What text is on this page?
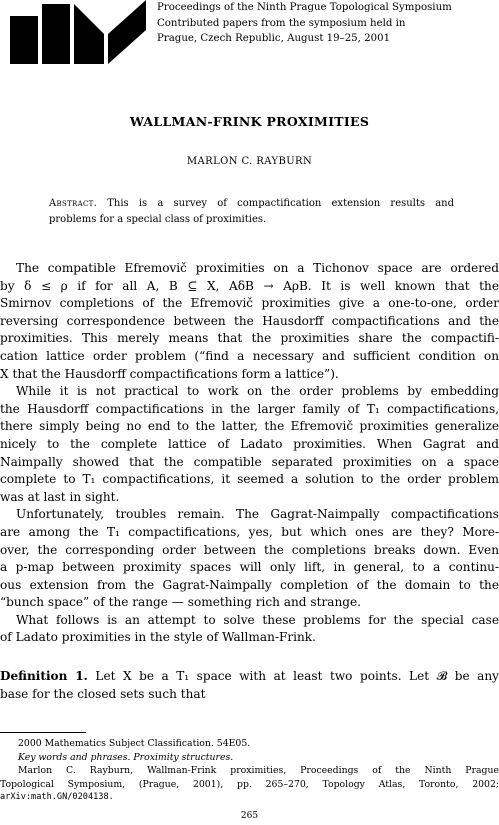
Proceedings of the Ninth Prague Topological Symposium
Contributed papers from the symposium held in
Prague, Czech Republic, August 19–25, 2001
WALLMAN-FRINK PROXIMITIES
MARLON C. RAYBURN
Abstract. This is a survey of compactification extension results and
problems for a special class of proximities.
The compatible Efremovič proximities on a Tichonov space are ordered
by δ ≤ ρ if for all A, B ⊆ X, AδB → AρB. It is well known that the
Smirnov completions of the Efremovič proximities give a one-to-one, order
reversing correspondence between the Hausdorff compactifications and the
proximities. This merely means that the proximities share the compactifi-
cation lattice order problem (“find a necessary and sufficient condition on
X that the Hausdorff compactifications form a lattice”).
While it is not practical to work on the order problems by embedding
the Hausdorff compactifications in the larger family of T₁ compactifications,
there simply being no end to the latter, the Efremovič proximities generalize
nicely to the complete lattice of Ladato proximities. When Gagrat and
Naimpally showed that the compatible separated proximities on a space
complete to T₁ compactifications, it seemed a solution to the order problem
was at last in sight.
Unfortunately, troubles remain. The Gagrat-Naimpally compactifications
are among the T₁ compactifications, yes, but which ones are they? More-
over, the corresponding order between the completions breaks down. Even
a p-map between proximity spaces will only lift, in general, to a continu-
ous extension from the Gagrat-Naimpally completion of the domain to the
“bunch space” of the range — something rich and strange.
What follows is an attempt to solve these problems for the special case
of Ladato proximities in the style of Wallman-Frink.
Definition 1. Let X be a T₁ space with at least two points. Let 𝓑 be any
base for the closed sets such that
2000 Mathematics Subject Classification. 54E05.
Key words and phrases. Proximity structures.
Marlon C. Rayburn, Wallman-Frink proximities, Proceedings of the Ninth Prague
Topological Symposium, (Prague, 2001), pp. 265–270, Topology Atlas, Toronto, 2002;
arXiv:math.GN/0204138.
265
